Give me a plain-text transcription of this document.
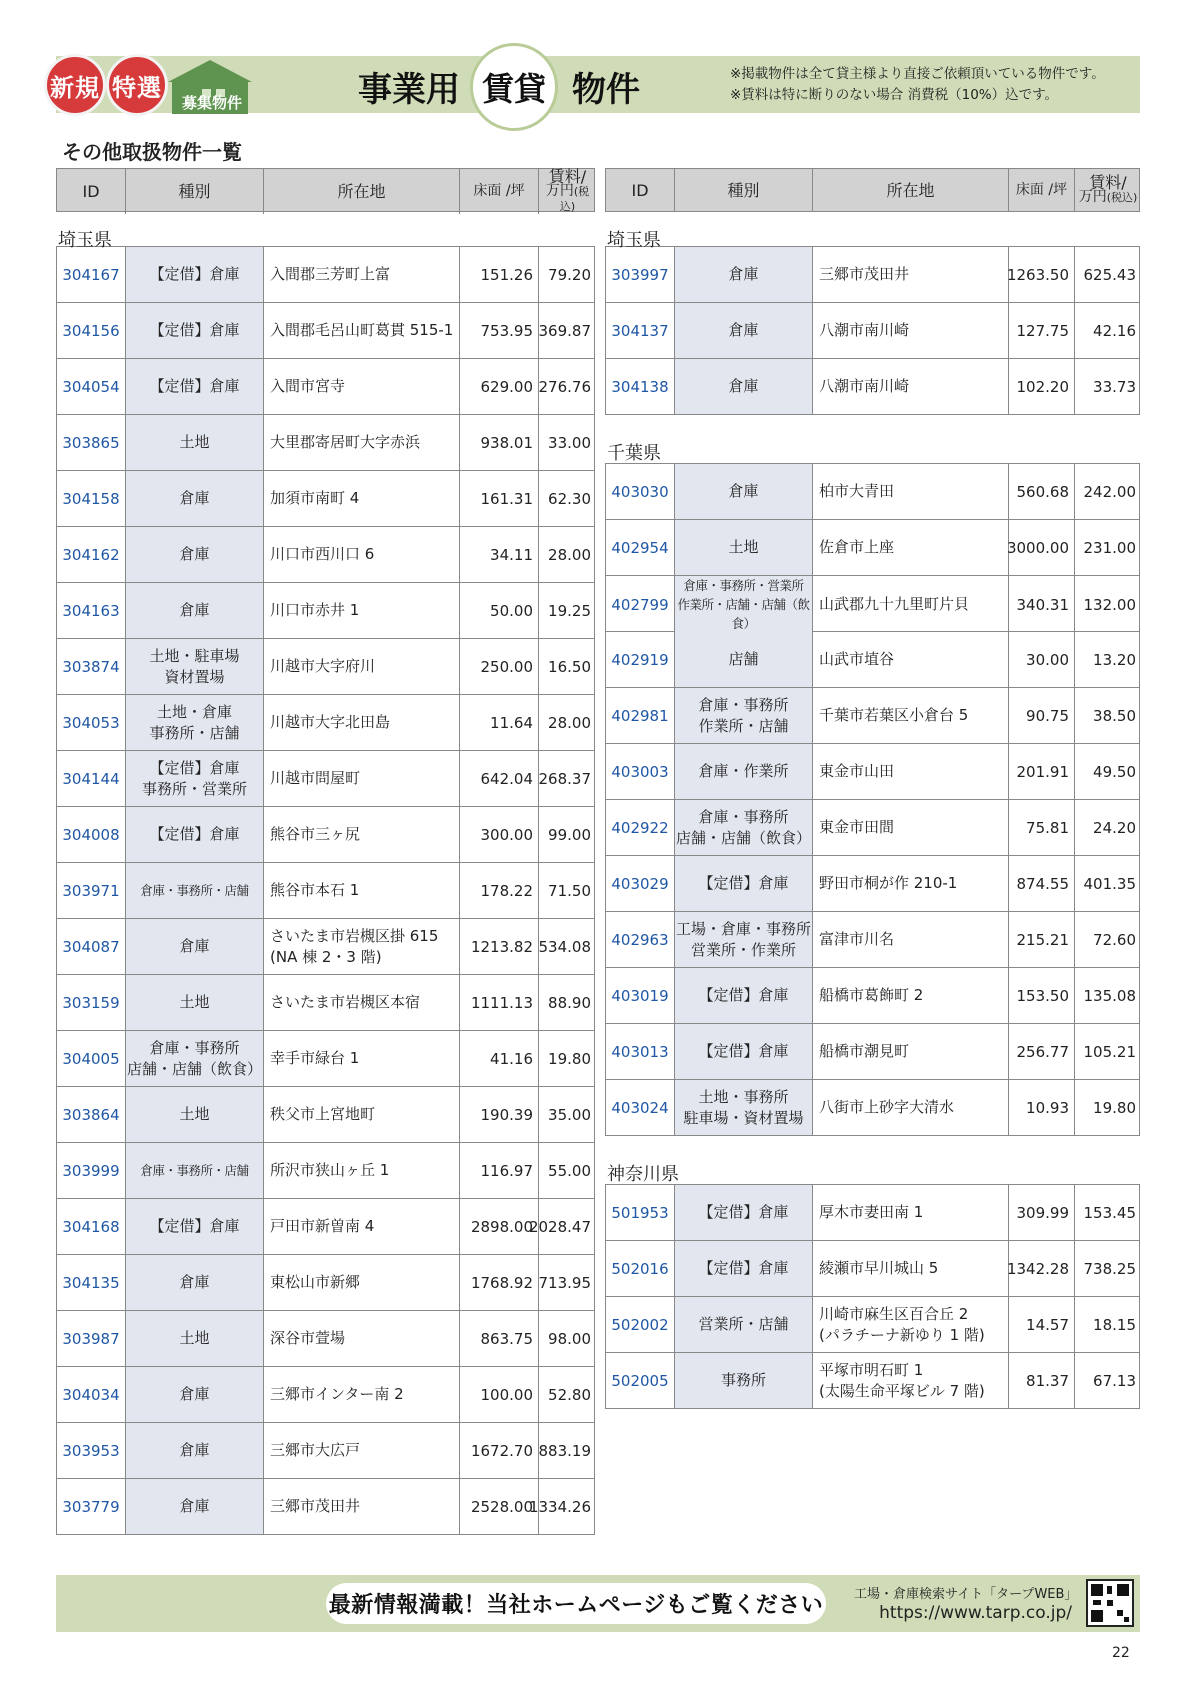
新規 特選
募集物件	事業用 賃貸 物件	※掲載物件は全て貸主様より直接ご依頼頂いている物件です。
※賃料は特に断りのない場合 消費税（10%）込です。
その他取扱物件一覧
ID	種別	所在地	床面 /坪
賃料/
万円(税込)
埼玉県
304167	【定借】倉庫	入間郡三芳町上富	151.26	79.20
304156	【定借】倉庫	入間郡毛呂山町葛貫 515-1	753.95 369.87
304054	【定借】倉庫	入間市宮寺	629.00 276.76
303865	土地	大里郡寄居町大字赤浜	938.01	33.00
304158	倉庫	加須市南町 4	161.31	62.30
304162	倉庫	川口市西川口 6	34.11	28.00
304163	倉庫	川口市赤井 1	50.00	19.25
303874
土地・駐車場
資材置場
川越市大字府川	250.00	16.50
304053
土地・倉庫
事務所・店舗
川越市大字北田島	11.64	28.00
304144
【定借】倉庫
事務所・営業所
川越市問屋町	642.04 268.37
304008	【定借】倉庫	熊谷市三ヶ尻	300.00	99.00
303971	倉庫・事務所・店舗	熊谷市本石 1	178.22	71.50
304087	倉庫
さいたま市岩槻区掛 615
(NA 棟 2・3 階)
1213.82 534.08
303159	土地	さいたま市岩槻区本宿	1111.13	88.90
304005
倉庫・事務所
店舗・店舗（飲食）
幸手市緑台 1	41.16	19.80
303864	土地	秩父市上宮地町	190.39	35.00
303999	倉庫・事務所・店舗	所沢市狭山ヶ丘 1	116.97	55.00
304168	【定借】倉庫	戸田市新曽南 4	2898.00
2028.47
304135	倉庫	東松山市新郷	1768.92 713.95
303987	土地	深谷市萱場	863.75	98.00
304034	倉庫	三郷市インター南 2	100.00	52.80
303953	倉庫	三郷市大広戸	1672.70 883.19
303779	倉庫	三郷市茂田井	2528.00
1334.26
ID	種別	所在地	床面 /坪	賃料/
万円(税込)
埼玉県
303997	倉庫	三郷市茂田井	1263.50 625.43
304137	倉庫	八潮市南川崎	127.75	42.16
304138	倉庫	八潮市南川崎	102.20	33.73
千葉県
403030	倉庫	柏市大青田	560.68 242.00
402954	土地	佐倉市上座	3000.00 231.00
402799
倉庫・事務所・営業所
作業所・店舗・店舗（飲食）
山武郡九十九里町片貝	340.31 132.00
402919	店舗	山武市埴谷	30.00	13.20
402981
倉庫・事務所
作業所・店舗
千葉市若葉区小倉台 5	90.75	38.50
403003	倉庫・作業所	東金市山田	201.91	49.50
402922
倉庫・事務所
店舗・店舗（飲食）
東金市田間	75.81	24.20
403029	【定借】倉庫	野田市桐が作 210-1	874.55 401.35
402963
工場・倉庫・事務所
営業所・作業所
富津市川名	215.21	72.60
403019	【定借】倉庫	船橋市葛飾町 2	153.50 135.08
403013	【定借】倉庫	船橋市潮見町	256.77 105.21
403024
土地・事務所
駐車場・資材置場
八街市上砂字大清水	10.93	19.80
神奈川県
501953	【定借】倉庫	厚木市妻田南 1	309.99 153.45
502016	【定借】倉庫	綾瀬市早川城山 5	1342.28 738.25
502002	営業所・店舗
川崎市麻生区百合丘 2
(パラチーナ新ゆり 1 階)
14.57	18.15
502005	事務所
平塚市明石町 1
(太陽生命平塚ビル 7 階)
81.37	67.13
最新情報満載！当社ホームページもご覧ください 工場・倉庫検索サイト「タープWEB」
https://www.tarp.co.jp/
22
